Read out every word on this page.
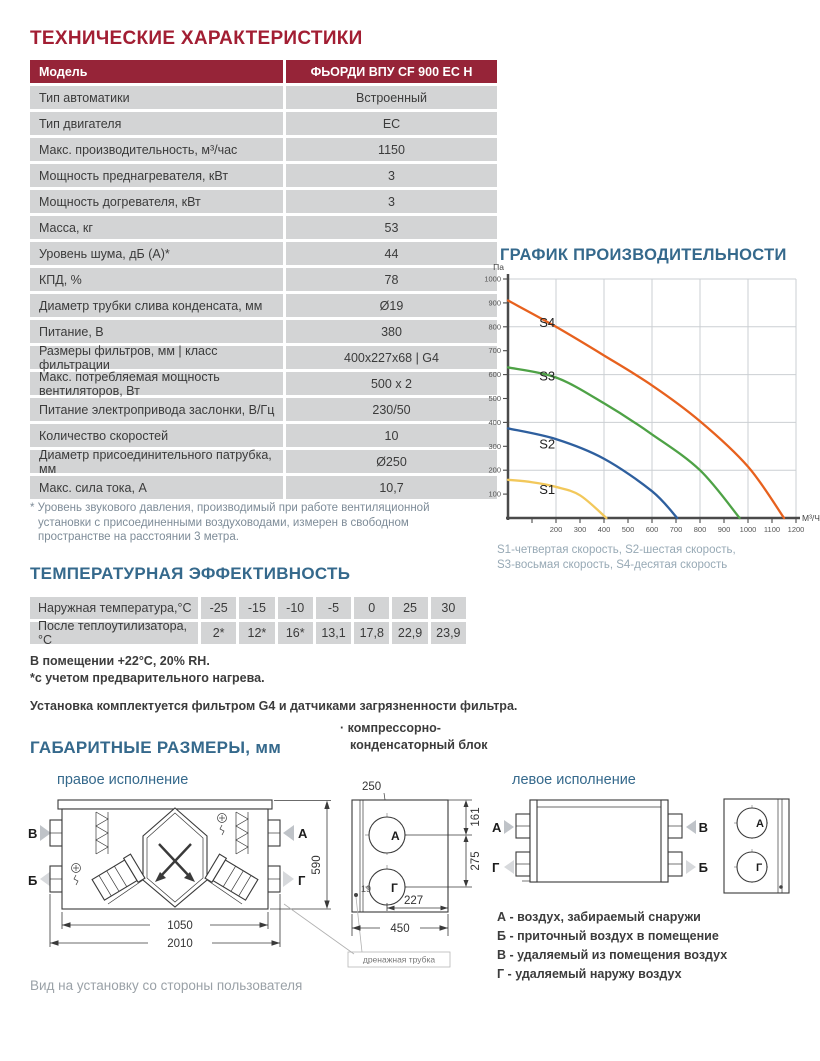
ТЕХНИЧЕСКИЕ ХАРАКТЕРИСТИКИ
Модель	ФЬОРДИ ВПУ CF 900 EC H
Тип автоматики	Встроенный
Тип двигателя	ЕС
Макс. производительность, м³/час	1150
Мощность преднагревателя, кВт	3
Мощность догревателя, кВт	3
Масса, кг	53
Уровень шума, дБ (А)*	44
КПД, %	78
Диаметр трубки слива конденсата, мм	Ø19
Питание, В	380
Размеры фильтров, мм | класс фильтрации	400x227x68 | G4
Макс. потребляемая мощность вентиляторов, Вт	500 x 2
Питание электропривода заслонки, В/Гц	230/50
Количество скоростей	10
Диаметр присоединительного патрубка, мм	Ø250
Макс. сила тока, А	10,7
* Уровень звукового давления, производимый при работе вентиляционной
установки с присоединенными воздуховодами, измерен в свободном
пространстве на расстоянии 3 метра.
ГРАФИК ПРОИЗВОДИТЕЛЬНОСТИ
100
200
300
400
500
600
700
800
900
1000
200 300 400 500 600 700 800 900 1000 1100 1200
Па
М³/Ч
S1
S2
S3
S4
S1-четвертая скорость, S2-шестая скорость,
S3-восьмая скорость, S4-десятая скорость
ТЕМПЕРАТУРНАЯ ЭФФЕКТИВНОСТЬ
Наружная температура,°С	-25	-15	-10	-5	0	25	30
После теплоутилизатора,°С	2*	12*	16*	13,1	17,8	22,9	23,9
В помещении +22°С, 20% RH.
*с учетом предварительного нагрева.
Установка комплектуется фильтром G4 и датчиками загрязненности фильтра.
ГАБАРИТНЫЕ РАЗМЕРЫ, мм
· компрессорно-
конденсаторный блок
правое исполнение	левое исполнение
В
Б
А
Г
590
1050
2010
250
А
Г
161
275
227
19
450
дренажная трубка
А
Г
В
Б
А
Г
А - воздух, забираемый снаружи
Б - приточный воздух в помещение
В - удаляемый из помещения воздух
Г - удаляемый наружу воздух
Вид на установку со стороны пользователя
